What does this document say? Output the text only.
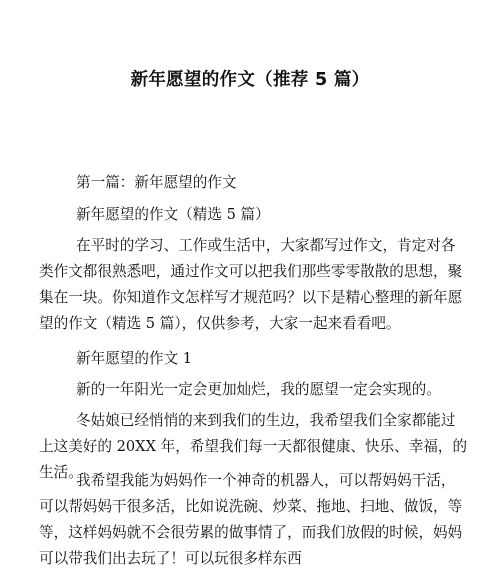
新年愿望的作文（推荐 5 篇）
第一篇：新年愿望的作文
新年愿望的作文（精选 5 篇）

在平时的学习、工作或生活中，大家都写过作文，肯定对各类作文都很熟悉吧，通过作文可以把我们那些零零散散的思想，聚集在一块。你知道作文怎样写才规范吗？以下是精心整理的新年愿望的作文（精选 5 篇），仅供参考，大家一起来看看吧。

新年愿望的作文 1
新的一年阳光一定会更加灿烂，我的愿望一定会实现的。

冬姑娘已经悄悄的来到我们的生边，我希望我们全家都能过上这美好的 20XX 年，希望我们每一天都很健康、快乐、幸福，的生活。

我希望我能为妈妈作一个神奇的机器人，可以帮妈妈干活，可以帮妈妈干很多活，比如说洗碗、炒菜、拖地、扫地、做饭，等等，这样妈妈就不会很劳累的做事情了，而我们放假的时候，妈妈可以带我们出去玩了！可以玩很多样东西
